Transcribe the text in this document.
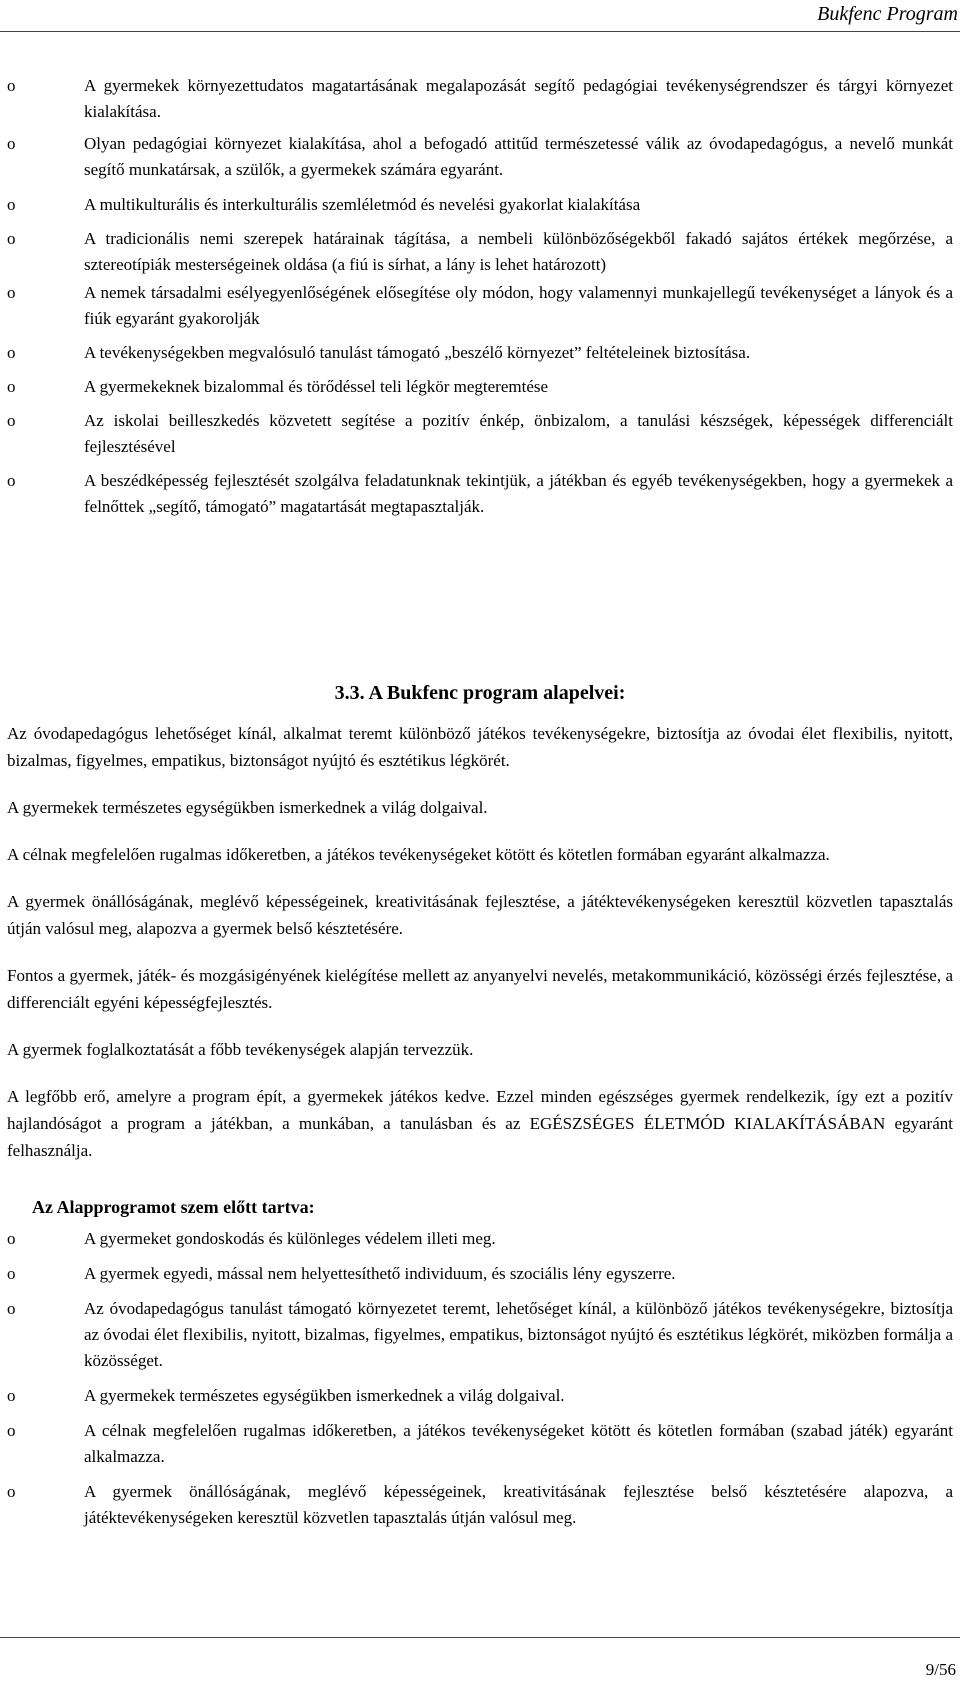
Bukfenc Program
o	A gyermekek környezettudatos magatartásának megalapozását segítő pedagógiai tevékenységrendszer és tárgyi környezet kialakítása.
o	Olyan pedagógiai környezet kialakítása, ahol a befogadó attitűd természetessé válik az óvodapedagógus, a nevelő munkát segítő munkatársak, a szülők, a gyermekek számára egyaránt.
o	A multikulturális és interkulturális szemléletmód és nevelési gyakorlat kialakítása
o	A tradicionális nemi szerepek határainak tágítása, a nembeli különbözőségekből fakadó sajátos értékek megőrzése, a sztereotípiák mesterségeinek oldása (a fiú is sírhat, a lány is lehet határozott)
o	A nemek társadalmi esélyegyenlőségének elősegítése oly módon, hogy valamennyi munkajellegű tevékenységet a lányok és a fiúk egyaránt gyakorolják
o	A tevékenységekben megvalósuló tanulást támogató „beszélő környezet” feltételeinek biztosítása.
o	A gyermekeknek bizalommal és törődéssel teli légkör megteremtése
o	Az iskolai beilleszkedés közvetett segítése a pozitív énkép, önbizalom, a tanulási készségek, képességek differenciált fejlesztésével
o	A beszédképesség fejlesztését szolgálva feladatunknak tekintjük, a játékban és egyéb tevékenységekben, hogy a gyermekek a felnőttek „segítő, támogató” magatartását megtapasztalják.
3.3. A Bukfenc program alapelvei:

Az óvodapedagógus lehetőséget kínál, alkalmat teremt különböző játékos tevékenységekre, biztosítja az óvodai élet flexibilis, nyitott, bizalmas, figyelmes, empatikus, biztonságot nyújtó és esztétikus légkörét.

A gyermekek természetes egységükben ismerkednek a világ dolgaival.

A célnak megfelelően rugalmas időkeretben, a játékos tevékenységeket kötött és kötetlen formában egyaránt alkalmazza.

A gyermek önállóságának, meglévő képességeinek, kreativitásának fejlesztése, a játéktevékenységeken keresztül közvetlen tapasztalás útján valósul meg, alapozva a gyermek belső késztetésére.

Fontos a gyermek, játék- és mozgásigényének kielégítése mellett az anyanyelvi nevelés, metakommunikáció, közösségi érzés fejlesztése, a differenciált egyéni képességfejlesztés.

A gyermek foglalkoztatását a főbb tevékenységek alapján tervezzük.

A legfőbb erő, amelyre a program épít, a gyermekek játékos kedve. Ezzel minden egészséges gyermek rendelkezik, így ezt a pozitív hajlandóságot a program a játékban, a munkában, a tanulásban és az EGÉSZSÉGES ÉLETMÓD KIALAKÍTÁSÁBAN egyaránt felhasználja.

Az Alapprogramot szem előtt tartva:
o	A gyermeket gondoskodás és különleges védelem illeti meg.
o	A gyermek egyedi, mással nem helyettesíthető individuum, és szociális lény egyszerre.
o	Az óvodapedagógus tanulást támogató környezetet teremt, lehetőséget kínál, a különböző játékos tevékenységekre, biztosítja az óvodai élet flexibilis, nyitott, bizalmas, figyelmes, empatikus, biztonságot nyújtó és esztétikus légkörét, miközben formálja a közösséget.
o	A gyermekek természetes egységükben ismerkednek a világ dolgaival.
o	A célnak megfelelően rugalmas időkeretben, a játékos tevékenységeket kötött és kötetlen formában (szabad játék) egyaránt alkalmazza.
o	A gyermek önállóságának, meglévő képességeinek, kreativitásának fejlesztése belső késztetésére alapozva, a játéktevékenységeken keresztül közvetlen tapasztalás útján valósul meg.
9/56
